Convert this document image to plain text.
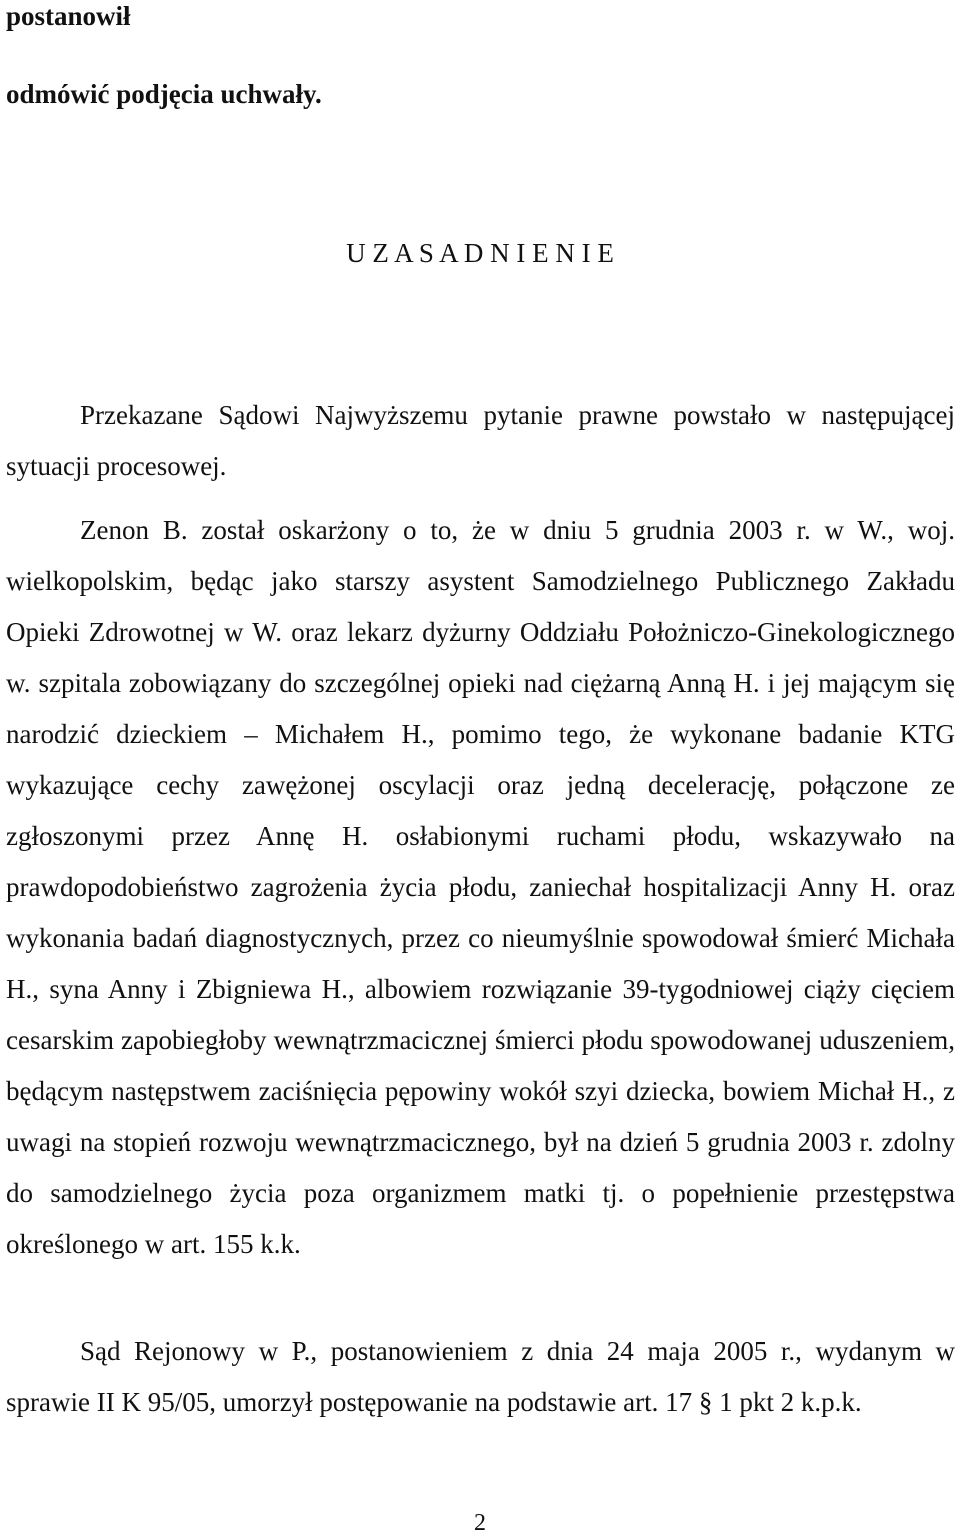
postanowił
odmówić podjęcia uchwały.
U Z A S A D N I E N I E

Przekazane Sądowi Najwyższemu pytanie prawne powstało w następującej sytuacji procesowej.

Zenon B. został oskarżony o to, że w dniu 5 grudnia 2003 r. w W., woj. wielkopolskim, będąc jako starszy asystent Samodzielnego Publicznego Zakładu Opieki Zdrowotnej w W. oraz lekarz dyżurny Oddziału Położniczo-Ginekologicznego w. szpitala zobowiązany do szczególnej opieki nad ciężarną Anną H. i jej mającym się narodzić dzieckiem – Michałem H., pomimo tego, że wykonane badanie KTG wykazujące cechy zawężonej oscylacji oraz jedną decelerację, połączone ze zgłoszonymi przez Annę H. osłabionymi ruchami płodu, wskazywało na prawdopodobieństwo zagrożenia życia płodu, zaniechał hospitalizacji Anny H. oraz wykonania badań diagnostycznych, przez co nieumyślnie spowodował śmierć Michała H., syna Anny i Zbigniewa H., albowiem rozwiązanie 39-tygodniowej ciąży cięciem cesarskim zapobiegłoby wewnątrzmacicznej śmierci płodu spowodowanej uduszeniem, będącym następstwem zaciśnięcia pępowiny wokół szyi dziecka, bowiem Michał H., z uwagi na stopień rozwoju wewnątrzmacicznego, był na dzień 5 grudnia 2003 r. zdolny do samodzielnego życia poza organizmem matki tj. o popełnienie przestępstwa określonego w art. 155 k.k.

Sąd Rejonowy w P., postanowieniem z dnia 24 maja 2005 r., wydanym w sprawie II K 95/05, umorzył postępowanie na podstawie art. 17 § 1 pkt 2 k.p.k.

2
